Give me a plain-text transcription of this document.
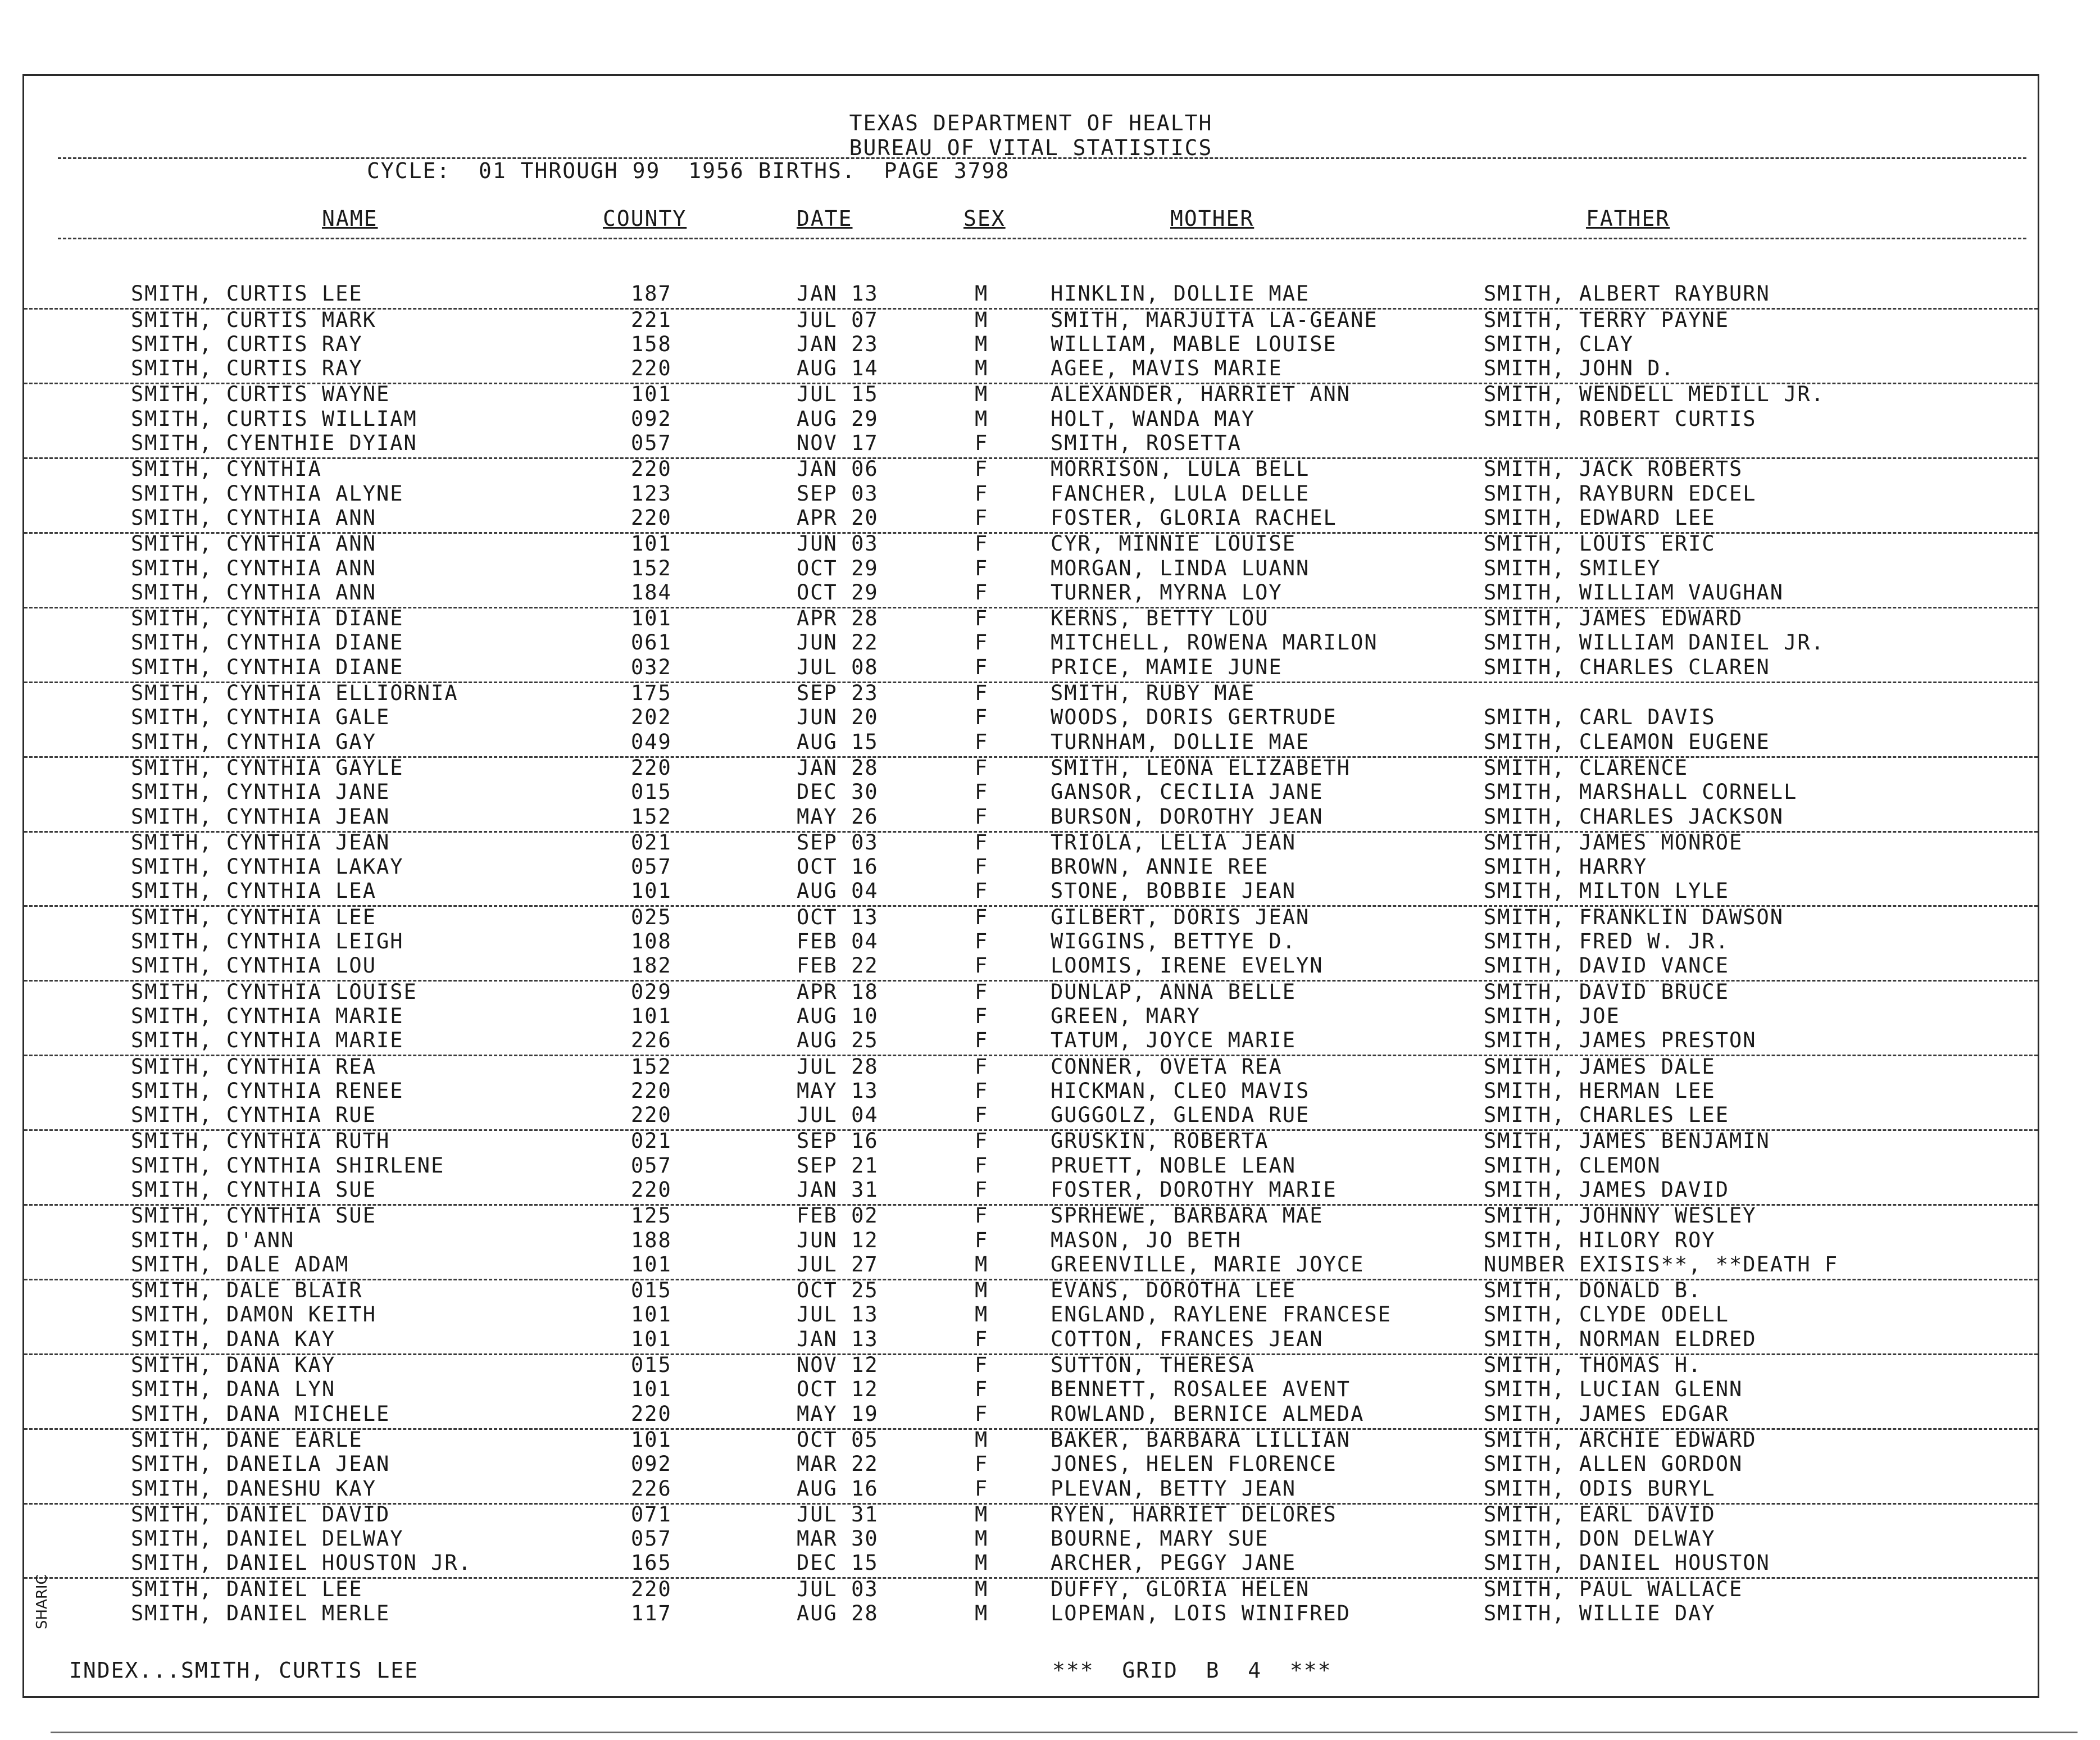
TEXAS DEPARTMENT OF HEALTH
BUREAU OF VITAL STATISTICS
CYCLE:  01 THROUGH 99  1956 BIRTHS.  PAGE 3798
NAME	COUNTY	DATE	SEX	MOTHER	FATHER
SMITH, CURTIS LEE	187	JAN 13	M	HINKLIN, DOLLIE MAE	SMITH, ALBERT RAYBURN
SMITH, CURTIS MARK	221	JUL 07	M	SMITH, MARJUITA LA-GEANE	SMITH, TERRY PAYNE
SMITH, CURTIS RAY	158	JAN 23	M	WILLIAM, MABLE LOUISE	SMITH, CLAY
SMITH, CURTIS RAY	220	AUG 14	M	AGEE, MAVIS MARIE	SMITH, JOHN D.
SMITH, CURTIS WAYNE	101	JUL 15	M	ALEXANDER, HARRIET ANN	SMITH, WENDELL MEDILL JR.
SMITH, CURTIS WILLIAM	092	AUG 29	M	HOLT, WANDA MAY	SMITH, ROBERT CURTIS
SMITH, CYENTHIE DYIAN	057	NOV 17	F	SMITH, ROSETTA
SMITH, CYNTHIA	220	JAN 06	F	MORRISON, LULA BELL	SMITH, JACK ROBERTS
SMITH, CYNTHIA ALYNE	123	SEP 03	F	FANCHER, LULA DELLE	SMITH, RAYBURN EDCEL
SMITH, CYNTHIA ANN	220	APR 20	F	FOSTER, GLORIA RACHEL	SMITH, EDWARD LEE
SMITH, CYNTHIA ANN	101	JUN 03	F	CYR, MINNIE LOUISE	SMITH, LOUIS ERIC
SMITH, CYNTHIA ANN	152	OCT 29	F	MORGAN, LINDA LUANN	SMITH, SMILEY
SMITH, CYNTHIA ANN	184	OCT 29	F	TURNER, MYRNA LOY	SMITH, WILLIAM VAUGHAN
SMITH, CYNTHIA DIANE	101	APR 28	F	KERNS, BETTY LOU	SMITH, JAMES EDWARD
SMITH, CYNTHIA DIANE	061	JUN 22	F	MITCHELL, ROWENA MARILON	SMITH, WILLIAM DANIEL JR.
SMITH, CYNTHIA DIANE	032	JUL 08	F	PRICE, MAMIE JUNE	SMITH, CHARLES CLAREN
SMITH, CYNTHIA ELLIORNIA	175	SEP 23	F	SMITH, RUBY MAE
SMITH, CYNTHIA GALE	202	JUN 20	F	WOODS, DORIS GERTRUDE	SMITH, CARL DAVIS
SMITH, CYNTHIA GAY	049	AUG 15	F	TURNHAM, DOLLIE MAE	SMITH, CLEAMON EUGENE
SMITH, CYNTHIA GAYLE	220	JAN 28	F	SMITH, LEONA ELIZABETH	SMITH, CLARENCE
SMITH, CYNTHIA JANE	015	DEC 30	F	GANSOR, CECILIA JANE	SMITH, MARSHALL CORNELL
SMITH, CYNTHIA JEAN	152	MAY 26	F	BURSON, DOROTHY JEAN	SMITH, CHARLES JACKSON
SMITH, CYNTHIA JEAN	021	SEP 03	F	TRIOLA, LELIA JEAN	SMITH, JAMES MONROE
SMITH, CYNTHIA LAKAY	057	OCT 16	F	BROWN, ANNIE REE	SMITH, HARRY
SMITH, CYNTHIA LEA	101	AUG 04	F	STONE, BOBBIE JEAN	SMITH, MILTON LYLE
SMITH, CYNTHIA LEE	025	OCT 13	F	GILBERT, DORIS JEAN	SMITH, FRANKLIN DAWSON
SMITH, CYNTHIA LEIGH	108	FEB 04	F	WIGGINS, BETTYE D.	SMITH, FRED W. JR.
SMITH, CYNTHIA LOU	182	FEB 22	F	LOOMIS, IRENE EVELYN	SMITH, DAVID VANCE
SMITH, CYNTHIA LOUISE	029	APR 18	F	DUNLAP, ANNA BELLE	SMITH, DAVID BRUCE
SMITH, CYNTHIA MARIE	101	AUG 10	F	GREEN, MARY	SMITH, JOE
SMITH, CYNTHIA MARIE	226	AUG 25	F	TATUM, JOYCE MARIE	SMITH, JAMES PRESTON
SMITH, CYNTHIA REA	152	JUL 28	F	CONNER, OVETA REA	SMITH, JAMES DALE
SMITH, CYNTHIA RENEE	220	MAY 13	F	HICKMAN, CLEO MAVIS	SMITH, HERMAN LEE
SMITH, CYNTHIA RUE	220	JUL 04	F	GUGGOLZ, GLENDA RUE	SMITH, CHARLES LEE
SMITH, CYNTHIA RUTH	021	SEP 16	F	GRUSKIN, ROBERTA	SMITH, JAMES BENJAMIN
SMITH, CYNTHIA SHIRLENE	057	SEP 21	F	PRUETT, NOBLE LEAN	SMITH, CLEMON
SMITH, CYNTHIA SUE	220	JAN 31	F	FOSTER, DOROTHY MARIE	SMITH, JAMES DAVID
SMITH, CYNTHIA SUE	125	FEB 02	F	SPRHEWE, BARBARA MAE	SMITH, JOHNNY WESLEY
SMITH, D'ANN	188	JUN 12	F	MASON, JO BETH	SMITH, HILORY ROY
SMITH, DALE ADAM	101	JUL 27	M	GREENVILLE, MARIE JOYCE	NUMBER EXISIS**, **DEATH F
SMITH, DALE BLAIR	015	OCT 25	M	EVANS, DOROTHA LEE	SMITH, DONALD B.
SMITH, DAMON KEITH	101	JUL 13	M	ENGLAND, RAYLENE FRANCESE	SMITH, CLYDE ODELL
SMITH, DANA KAY	101	JAN 13	F	COTTON, FRANCES JEAN	SMITH, NORMAN ELDRED
SMITH, DANA KAY	015	NOV 12	F	SUTTON, THERESA	SMITH, THOMAS H.
SMITH, DANA LYN	101	OCT 12	F	BENNETT, ROSALEE AVENT	SMITH, LUCIAN GLENN
SMITH, DANA MICHELE	220	MAY 19	F	ROWLAND, BERNICE ALMEDA	SMITH, JAMES EDGAR
SMITH, DANE EARLE	101	OCT 05	M	BAKER, BARBARA LILLIAN	SMITH, ARCHIE EDWARD
SMITH, DANEILA JEAN	092	MAR 22	F	JONES, HELEN FLORENCE	SMITH, ALLEN GORDON
SMITH, DANESHU KAY	226	AUG 16	F	PLEVAN, BETTY JEAN	SMITH, ODIS BURYL
SMITH, DANIEL DAVID	071	JUL 31	M	RYEN, HARRIET DELORES	SMITH, EARL DAVID
SMITH, DANIEL DELWAY	057	MAR 30	M	BOURNE, MARY SUE	SMITH, DON DELWAY
SMITH, DANIEL HOUSTON JR.	165	DEC 15	M	ARCHER, PEGGY JANE	SMITH, DANIEL HOUSTON
SMITH, DANIEL LEE	220	JUL 03	M	DUFFY, GLORIA HELEN	SMITH, PAUL WALLACE
SMITH, DANIEL MERLE	117	AUG 28	M	LOPEMAN, LOIS WINIFRED	SMITH, WILLIE DAY
INDEX...SMITH, CURTIS LEE	***  GRID  B  4  ***
SHARIC
